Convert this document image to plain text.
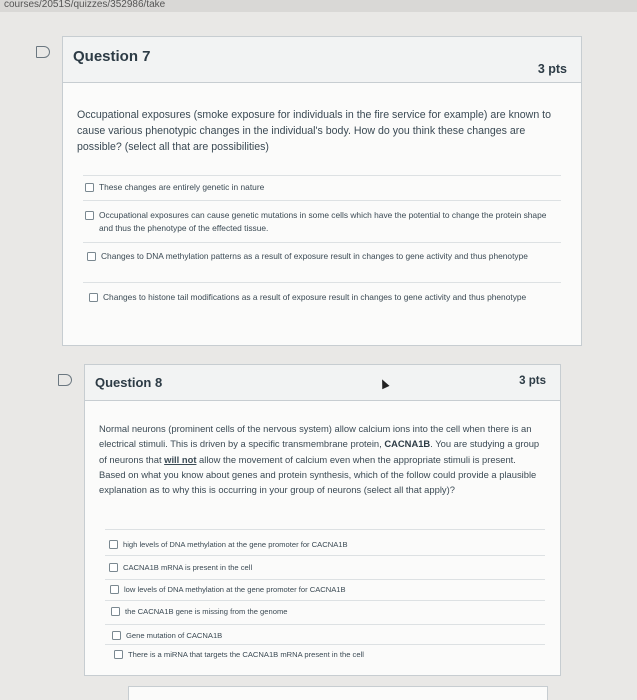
courses/2051S/quizzes/352986/take
Question 7
3 pts
Occupational exposures (smoke exposure for individuals in the fire service for example) are known to cause various phenotypic changes in the individual's body. How do you think these changes are possible? (select all that are possibilities)
These changes are entirely genetic in nature
Occupational exposures can cause genetic mutations in some cells which have the potential to change the protein shape and thus the phenotype of the effected tissue.
Changes to DNA methylation patterns as a result of exposure result in changes to gene activity and thus phenotype
Changes to histone tail modifications as a result of exposure result in changes to gene activity and thus phenotype
Question 8	3 pts
Normal neurons (prominent cells of the nervous system) allow calcium ions into the cell when there is an electrical stimuli. This is driven by a specific transmembrane protein, CACNA1B. You are studying a group of neurons that will not allow the movement of calcium even when the appropriate stimuli is present. Based on what you know about genes and protein synthesis, which of the follow could provide a plausible explanation as to why this is occurring in your group of neurons (select all that apply)?
high levels of DNA methylation at the gene promoter for CACNA1B
CACNA1B mRNA is present in the cell
low levels of DNA methylation at the gene promoter for CACNA1B
the CACNA1B gene is missing from the genome
Gene mutation of CACNA1B
There is a miRNA that targets the CACNA1B mRNA present in the cell
